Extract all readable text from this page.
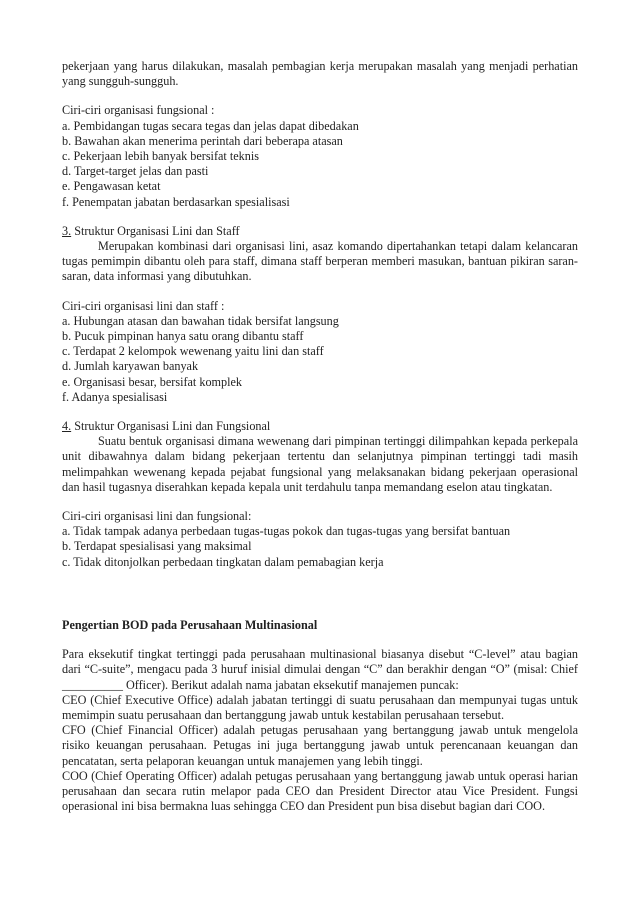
pekerjaan yang harus dilakukan, masalah pembagian kerja merupakan masalah yang menjadi perhatian yang sungguh-sungguh.

Ciri-ciri organisasi fungsional :
a. Pembidangan tugas secara tegas dan jelas dapat dibedakan
b. Bawahan akan menerima perintah dari beberapa atasan
c. Pekerjaan lebih banyak bersifat teknis
d. Target-target jelas dan pasti
e. Pengawasan ketat
f. Penempatan jabatan berdasarkan spesialisasi
3. Struktur Organisasi Lini dan Staff

Merupakan kombinasi dari organisasi lini, asaz komando dipertahankan tetapi dalam kelancaran tugas pemimpin dibantu oleh para staff, dimana staff berperan memberi masukan, bantuan pikiran saran-saran, data informasi yang dibutuhkan.

Ciri-ciri organisasi lini dan staff :
a. Hubungan atasan dan bawahan tidak bersifat langsung
b. Pucuk pimpinan hanya satu orang dibantu staff
c. Terdapat 2 kelompok wewenang yaitu lini dan staff
d. Jumlah karyawan banyak
e. Organisasi besar, bersifat komplek
f. Adanya spesialisasi
4. Struktur Organisasi Lini dan Fungsional

Suatu bentuk organisasi dimana wewenang dari pimpinan tertinggi dilimpahkan kepada perkepala unit dibawahnya dalam bidang pekerjaan tertentu dan selanjutnya pimpinan tertinggi tadi masih melimpahkan wewenang kepada pejabat fungsional yang melaksanakan bidang pekerjaan operasional dan hasil tugasnya diserahkan kepada kepala unit terdahulu tanpa memandang eselon atau tingkatan.

Ciri-ciri organisasi lini dan fungsional:
a. Tidak tampak adanya perbedaan tugas-tugas pokok dan tugas-tugas yang bersifat bantuan
b. Terdapat spesialisasi yang maksimal
c. Tidak ditonjolkan perbedaan tingkatan dalam pemabagian kerja
Pengertian BOD pada Perusahaan Multinasional

Para eksekutif tingkat tertinggi pada perusahaan multinasional biasanya disebut “C-level” atau bagian dari “C-suite”, mengacu pada 3 huruf inisial dimulai dengan “C” dan berakhir dengan “O” (misal: Chief __________ Officer). Berikut adalah nama jabatan eksekutif manajemen puncak:

CEO (Chief Executive Office) adalah jabatan tertinggi di suatu perusahaan dan mempunyai tugas untuk memimpin suatu perusahaan dan bertanggung jawab untuk kestabilan perusahaan tersebut.

CFO (Chief Financial Officer) adalah petugas perusahaan yang bertanggung jawab untuk mengelola risiko keuangan perusahaan. Petugas ini juga bertanggung jawab untuk perencanaan keuangan dan pencatatan, serta pelaporan keuangan untuk manajemen yang lebih tinggi.

COO (Chief Operating Officer) adalah petugas perusahaan yang bertanggung jawab untuk operasi harian perusahaan dan secara rutin melapor pada CEO dan President Director atau Vice President. Fungsi operasional ini bisa bermakna luas sehingga CEO dan President pun bisa disebut bagian dari COO.
